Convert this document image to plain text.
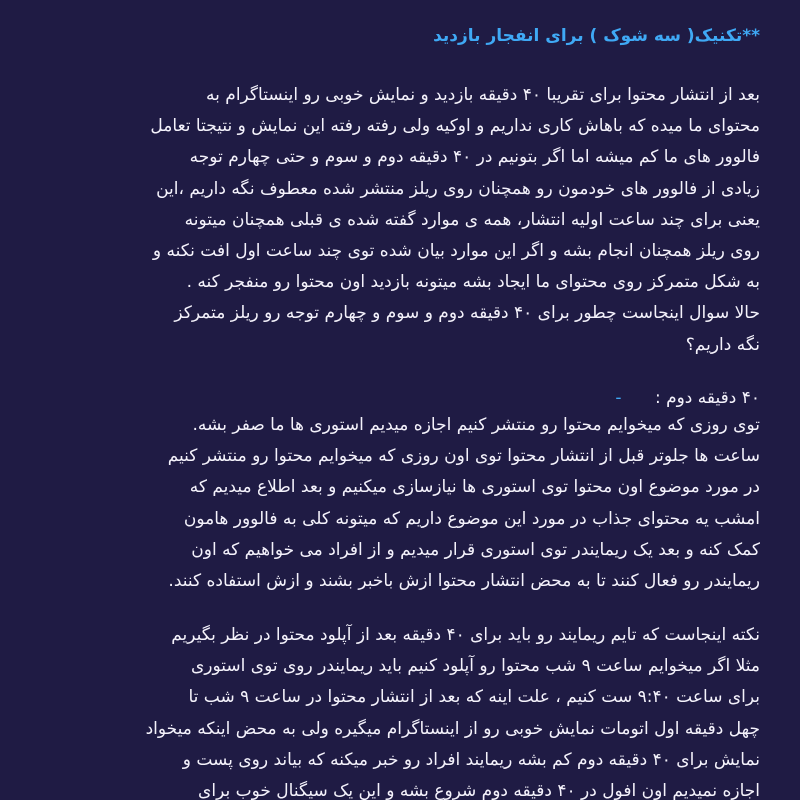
**تکنیک( سه شوک ) برای انفجار بازدید
بعد از انتشار محتوا برای تقریبا ۴۰ دقیقه بازدید و نمایش خوبی رو اینستاگرام به
محتوای ما میده که باهاش کاری نداریم و اوکیه ولی رفته رفته این نمایش و نتیجتا تعامل
فالوور های ما کم میشه اما اگر بتونیم در ۴۰ دقیقه دوم و سوم و حتی چهارم توجه
زیادی از فالوور های خودمون رو همچنان روی ریلز منتشر شده معطوف نگه داریم ،این
یعنی برای چند ساعت اولیه انتشار، همه ی موارد گفته شده ی قبلی همچنان میتونه
روی ریلز همچنان انجام بشه و اگر این موارد بیان شده توی چند ساعت اول افت نکنه و
به شکل متمرکز روی محتوای ما ایجاد بشه میتونه بازدید اون محتوا رو منفجر کنه .
حالا سوال اینجاست چطور برای ۴۰ دقیقه دوم و سوم و چهارم توجه رو ریلز متمرکز
نگه داریم؟
۴۰ دقیقه دوم : -
توی روزی که میخوایم محتوا رو منتشر کنیم اجازه میدیم استوری ها ما صفر بشه.
ساعت ها جلوتر قبل از انتشار محتوا توی اون روزی که میخوایم محتوا رو منتشر کنیم
در مورد موضوع اون محتوا توی استوری ها نیازسازی میکنیم و بعد اطلاع میدیم که
امشب یه محتوای جذاب در مورد این موضوع داریم که میتونه کلی به فالوور هامون
کمک کنه و بعد یک ریمایندر توی استوری قرار میدیم و از افراد می خواهیم که اون
ریمایندر رو فعال کنند تا به محض انتشار محتوا ازش باخبر بشند و ازش استفاده کنند.
نکته اینجاست که تایم ریمایند رو باید برای ۴۰ دقیقه بعد از آپلود محتوا در نظر بگیریم
مثلا اگر میخوایم ساعت ۹ شب محتوا رو آپلود کنیم باید ریمایندر روی توی استوری
برای ساعت ۹:۴۰ ست کنیم ، علت اینه که بعد از انتشار محتوا در ساعت ۹ شب تا
چهل دقیقه اول اتومات نمایش خوبی رو از اینستاگرام میگیره ولی به محض اینکه میخواد
نمایش برای ۴۰ دقیقه دوم کم بشه ریمایند افراد رو خبر میکنه که بیاند روی پست و
اجازه نمیدیم اون افول در ۴۰ دقیقه دوم شروع بشه و این یک سیگنال خوب برای
